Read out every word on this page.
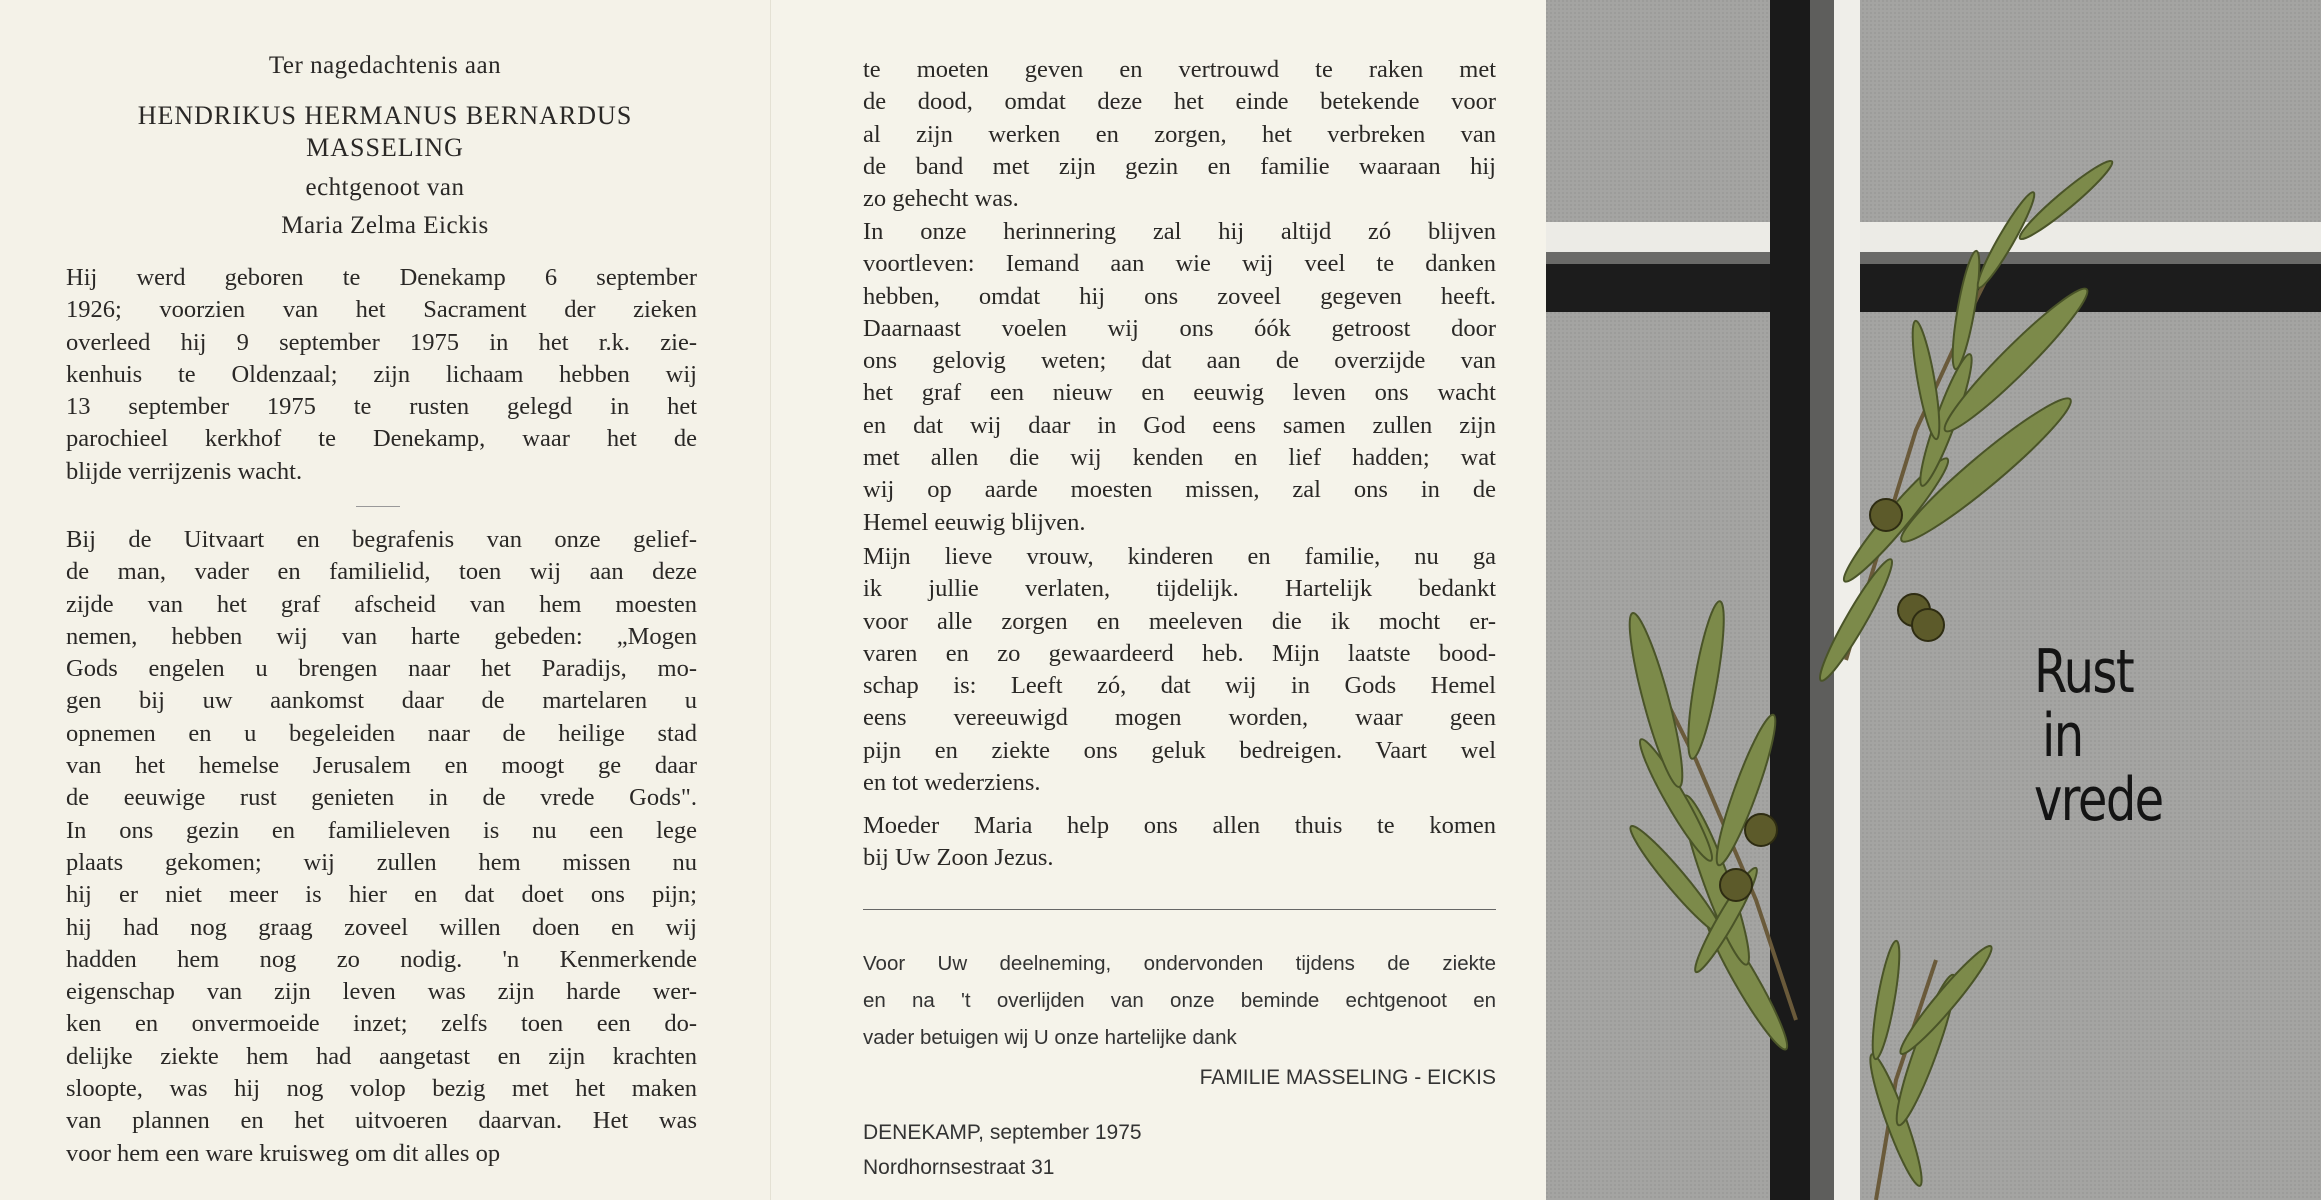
Ter nagedachtenis aan
HENDRIKUS HERMANUS BERNARDUS
MASSELING
echtgenoot van
Maria Zelma Eickis
Hij werd geboren te Denekamp 6 september
1926; voorzien van het Sacrament der zieken
overleed hij 9 september 1975 in het r.k. zie-
kenhuis te Oldenzaal; zijn lichaam hebben wij
13 september 1975 te rusten gelegd in het
parochieel kerkhof te Denekamp, waar het de
blijde verrijzenis wacht.
Bij de Uitvaart en begrafenis van onze gelief-
de man, vader en familielid, toen wij aan deze
zijde van het graf afscheid van hem moesten
nemen, hebben wij van harte gebeden: „Mogen
Gods engelen u brengen naar het Paradijs, mo-
gen bij uw aankomst daar de martelaren u
opnemen en u begeleiden naar de heilige stad
van het hemelse Jerusalem en moogt ge daar
de eeuwige rust genieten in de vrede Gods".
In ons gezin en familieleven is nu een lege
plaats gekomen; wij zullen hem missen nu
hij er niet meer is hier en dat doet ons pijn;
hij had nog graag zoveel willen doen en wij
hadden hem nog zo nodig. 'n Kenmerkende
eigenschap van zijn leven was zijn harde wer-
ken en onvermoeide inzet; zelfs toen een do-
delijke ziekte hem had aangetast en zijn krachten
sloopte, was hij nog volop bezig met het maken
van plannen en het uitvoeren daarvan. Het was
voor hem een ware kruisweg om dit alles op
te moeten geven en vertrouwd te raken met
de dood, omdat deze het einde betekende voor
al zijn werken en zorgen, het verbreken van
de band met zijn gezin en familie waaraan hij
zo gehecht was.
In onze herinnering zal hij altijd zó blijven
voortleven: Iemand aan wie wij veel te danken
hebben, omdat hij ons zoveel gegeven heeft.
Daarnaast voelen wij ons óók getroost door
ons gelovig weten; dat aan de overzijde van
het graf een nieuw en eeuwig leven ons wacht
en dat wij daar in God eens samen zullen zijn
met allen die wij kenden en lief hadden; wat
wij op aarde moesten missen, zal ons in de
Hemel eeuwig blijven.
Mijn lieve vrouw, kinderen en familie, nu ga
ik jullie verlaten, tijdelijk. Hartelijk bedankt
voor alle zorgen en meeleven die ik mocht er-
varen en zo gewaardeerd heb. Mijn laatste bood-
schap is: Leeft zó, dat wij in Gods Hemel
eens vereeuwigd mogen worden, waar geen
pijn en ziekte ons geluk bedreigen. Vaart wel
en tot wederziens.
Moeder Maria help ons allen thuis te komen
bij Uw Zoon Jezus.
Voor Uw deelneming, ondervonden tijdens de ziekte
en na 't overlijden van onze beminde echtgenoot en
vader betuigen wij U onze hartelijke dank
FAMILIE MASSELING - EICKIS
DENEKAMP, september 1975
Nordhornsestraat 31
Rust
in
vrede
